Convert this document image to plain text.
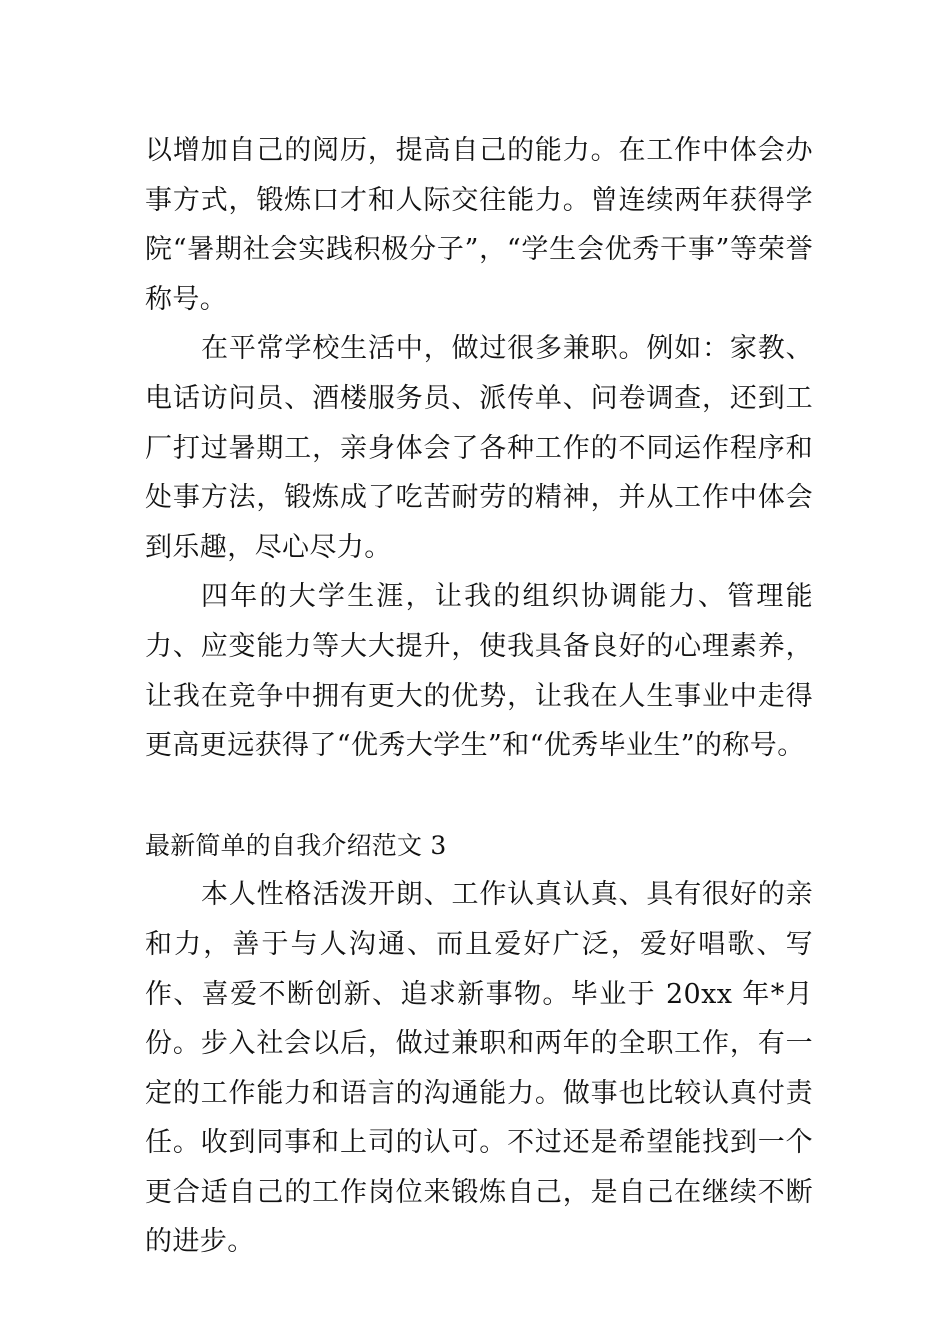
以增加自己的阅历，提高自己的能力。在工作中体会办事方式，锻炼口才和人际交往能力。曾连续两年获得学院“暑期社会实践积极分子”，“学生会优秀干事”等荣誉称号。

在平常学校生活中，做过很多兼职。例如：家教、电话访问员、酒楼服务员、派传单、问卷调查，还到工厂打过暑期工，亲身体会了各种工作的不同运作程序和处事方法，锻炼成了吃苦耐劳的精神，并从工作中体会到乐趣，尽心尽力。

四年的大学生涯，让我的组织协调能力、管理能力、应变能力等大大提升，使我具备良好的心理素养，让我在竞争中拥有更大的优势，让我在人生事业中走得更高更远获得了“优秀大学生”和“优秀毕业生”的称号。

最新简单的自我介绍范文 3

本人性格活泼开朗、工作认真认真、具有很好的亲和力，善于与人沟通、而且爱好广泛，爱好唱歌、写作、喜爱不断创新、追求新事物。毕业于 20xx 年*月份。步入社会以后，做过兼职和两年的全职工作，有一定的工作能力和语言的沟通能力。做事也比较认真付责任。收到同事和上司的认可。不过还是希望能找到一个更合适自己的工作岗位来锻炼自己，是自己在继续不断的进步。
